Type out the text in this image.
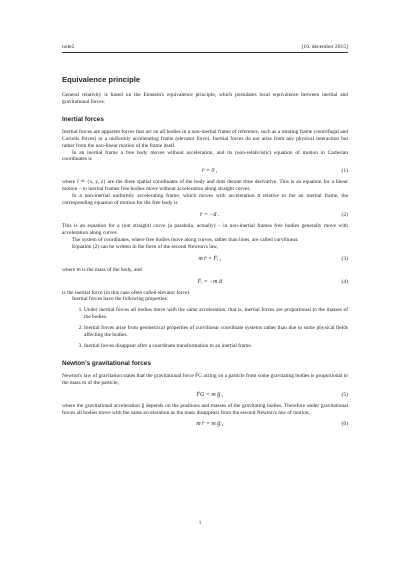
note2	[16. december 2015]
Equivalence principle

General relativity is based on the Einstein's equivalence principle, which postulates local equivalence between inertial and gravitational forces.

Inertial forces

Inertial forces are apparent forces that act on all bodies in a non-inertial frame of reference, such as a rotating frame (centrifugal and Coriolis forces) or a uniformly accelerating frame (elevator force). Inertial forces do not arise from any physical interaction but rather from the non-linear motion of the frame itself.

In an inertial frame a free body moves without acceleration, and its (non-relativistic) equation of motion in Cartesian coordinates is

r̈ = 0 ,	(1)

where r̄ ≐ {x, y, z} are the three spatial coordinates of the body and dots denote time derivative. This is an equation for a linear motion – in inertial frames free bodies move without acceleration along straight curves.

In a non-inertial uniformly accelerating frame, which moves with acceleration a̅ relative to the an inertial frame, the corresponding equation of motion for the free body is

r̈ = −a̅ .	(2)

This is an equation for a (not straight) curve (a parabola, actually) – in non-inertial frames free bodies generally move with acceleration along curves.

The system of coordinates, where free bodies move along curves, rather than lines, are called curvilinear.

Equation (2) can be written in the form of the second Newton's law,

m r̈ = F̄ᵢ ,	(3)

where m is the mass of the body, and

F̄ᵢ = −m a̅	(4)

is the inertial force (in this case often called elevator force).

Inertial forces have the following properties:

1. Under inertial forces all bodies move with the same acceleration, that is, inertial forces are proportional to the masses of the bodies.
2. Inertial forces arise from geometrical properties of curvilinear coordinate systems rather than due to some physical fields affecting the bodies.
3. Inertial forces disappear after a coordinate transformation to an inertial frame.
Newton's gravitational forces

Newton's law of gravitation states that the gravitational force F̄G acting on a particle from some gravitating bodies is proportional to the mass m of the particle,

F̄G = m g̅ ,	(5)

where the gravitational acceleration g̅ depends on the positions and masses of the gravitating bodies. Therefore under gravitational forces all bodies move with the same acceleration as the mass disappears from the second Newton's law of motion,

m r̈ = m g̅ ,	(6)
1
